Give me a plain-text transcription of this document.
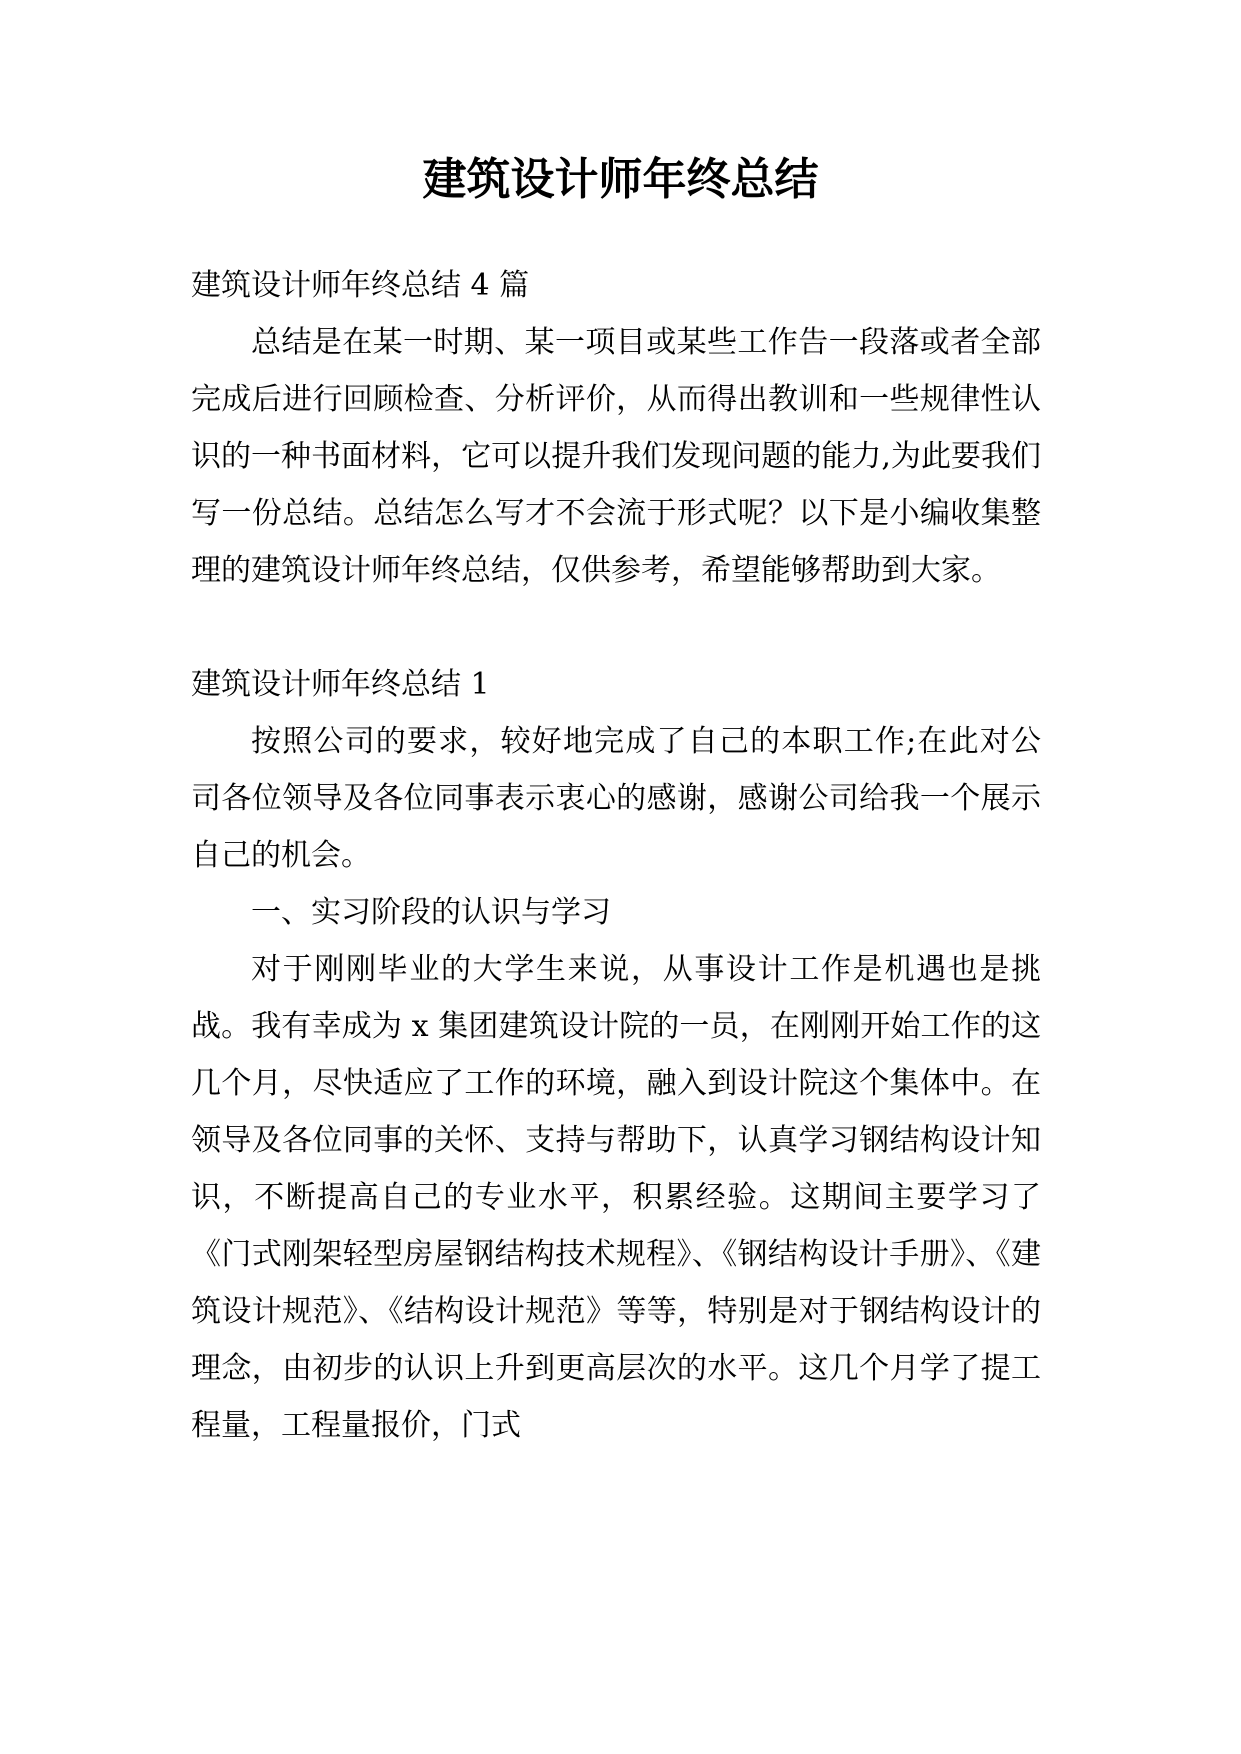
建筑设计师年终总结

建筑设计师年终总结 4 篇

总结是在某一时期、某一项目或某些工作告一段落或者全部完成后进行回顾检查、分析评价，从而得出教训和一些规律性认识的一种书面材料，它可以提升我们发现问题的能力,为此要我们写一份总结。总结怎么写才不会流于形式呢？以下是小编收集整理的建筑设计师年终总结，仅供参考，希望能够帮助到大家。

建筑设计师年终总结 1

按照公司的要求，较好地完成了自己的本职工作;在此对公司各位领导及各位同事表示衷心的感谢，感谢公司给我一个展示自己的机会。

一、实习阶段的认识与学习

对于刚刚毕业的大学生来说，从事设计工作是机遇也是挑战。我有幸成为 x 集团建筑设计院的一员，在刚刚开始工作的这几个月，尽快适应了工作的环境，融入到设计院这个集体中。在领导及各位同事的关怀、支持与帮助下，认真学习钢结构设计知识，不断提高自己的专业水平，积累经验。这期间主要学习了《门式刚架轻型房屋钢结构技术规程》、《钢结构设计手册》、《建筑设计规范》、《结构设计规范》等等，特别是对于钢结构设计的理念，由初步的认识上升到更高层次的水平。这几个月学了提工程量，工程量报价，门式
